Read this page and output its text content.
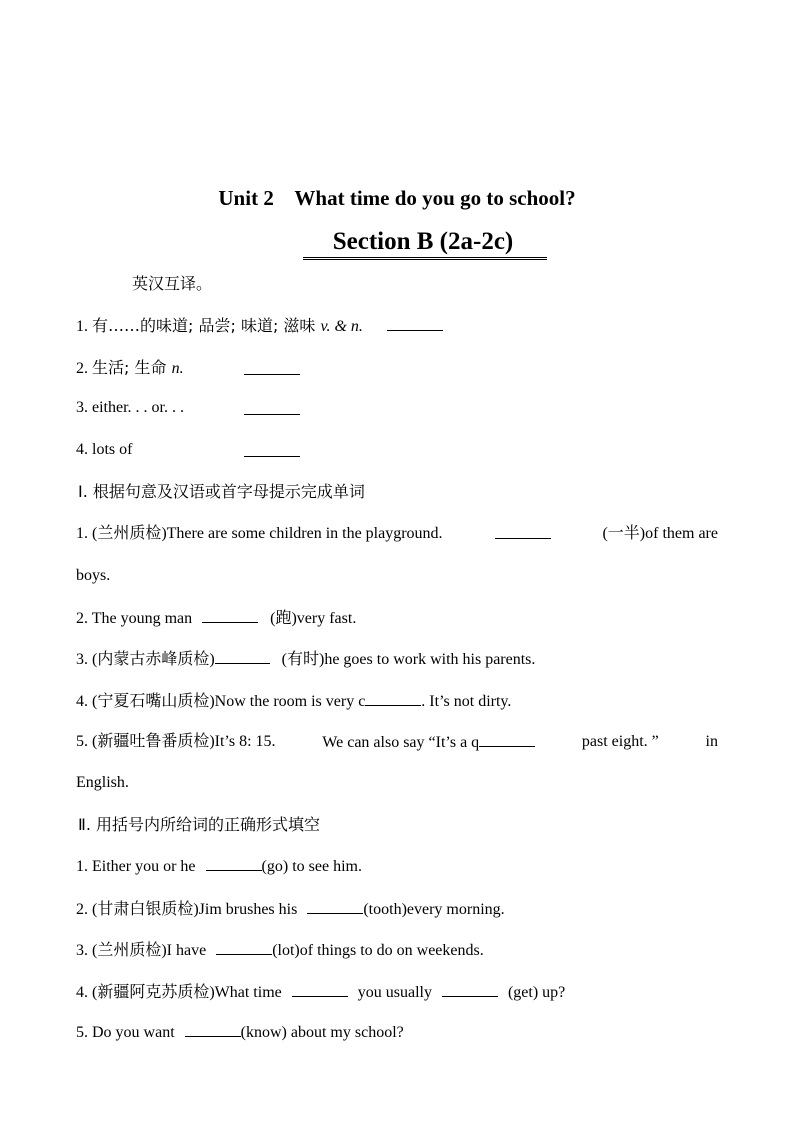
Unit 2    What time do you go to school?
Section B (2a-2c)
英汉互译。
1. 有……的味道; 品尝; 味道; 滋味 v. & n.
2. 生活; 生命 n.
3. either. . . or. . .
4. lots of
Ⅰ. 根据句意及汉语或首字母提示完成单词
1. (兰州质检)There are some children in the playground.	(一半)of them are
boys.
2. The young man	(跑)very fast.
3. (内蒙古赤峰质检)	(有时)he goes to work with his parents.
4. (宁夏石嘴山质检)Now the room is very c	. It’s not dirty.
5. (新疆吐鲁番质检)It’s 8: 15.	We can also say “It’s a q	past eight. ”	in
English.
Ⅱ. 用括号内所给词的正确形式填空
1. Either you or he	(go) to see him.
2. (甘肃白银质检)Jim brushes his	(tooth)every morning.
3. (兰州质检)I have	(lot)of things to do on weekends.
4. (新疆阿克苏质检)What time	you usually	(get) up?
5. Do you want	(know) about my school?
